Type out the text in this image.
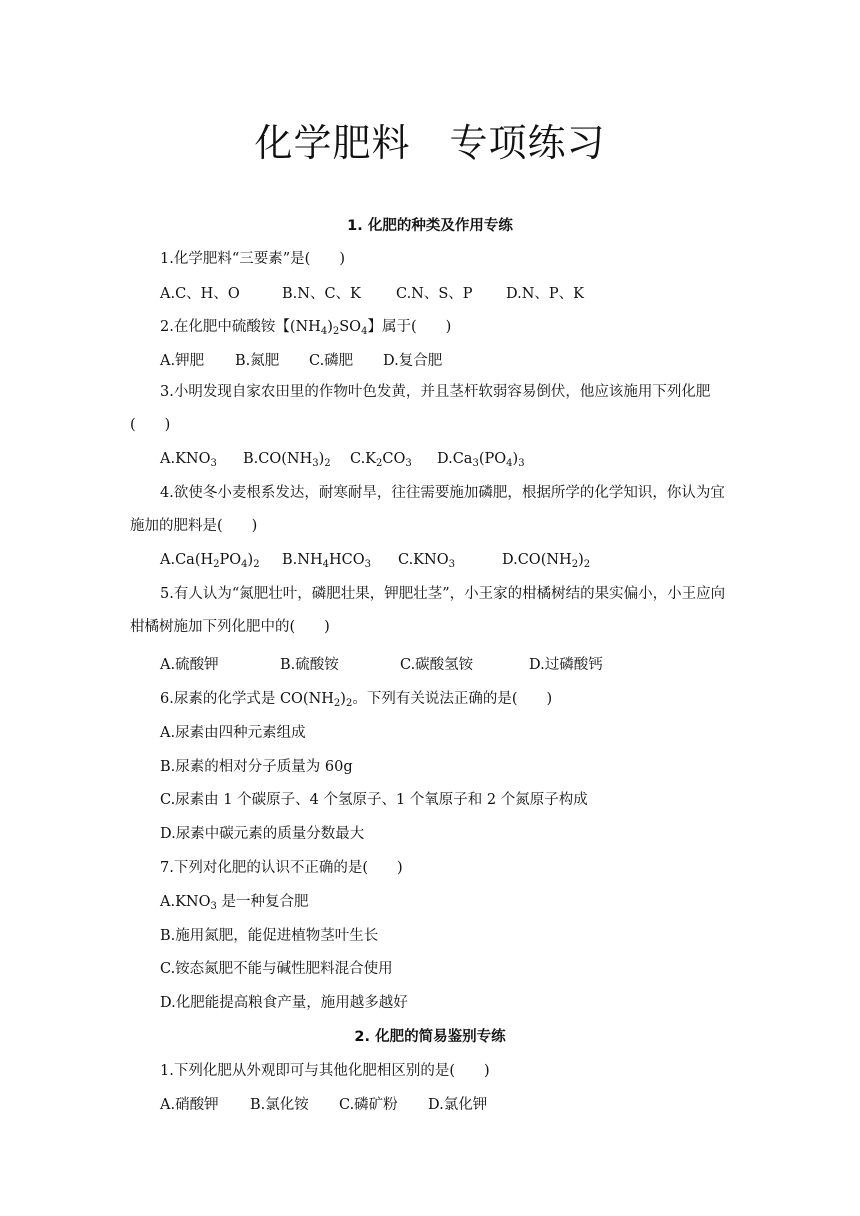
化学肥料　专项练习
1. 化肥的种类及作用专练
1.化学肥料“三要素”是(　　)
A.C、H、O	B.N、C、K	C.N、S、P	D.N、P、K
2.在化肥中硫酸铵【$(NH_4)_2SO_4$】属于(　　)
A.钾肥	B.氮肥	C.磷肥	D.复合肥
3.小明发现自家农田里的作物叶色发黄，并且茎杆软弱容易倒伏，他应该施用下列化肥(　　)
$A.KNO_3$	$B.CO(NH_3)_2$	$C.K_2CO_3$	$D.Ca_3(PO_4)_3$
4.欲使冬小麦根系发达，耐寒耐旱，往往需要施加磷肥，根据所学的化学知识，你认为宜施加的肥料是(　　)
$A.Ca(H_2PO_4)_2$	$B.NH_4HCO_3$	$C.KNO_3$	$D.CO(NH_2)_2$
5.有人认为“氮肥壮叶，磷肥壮果，钾肥壮茎”，小王家的柑橘树结的果实偏小，小王应向柑橘树施加下列化肥中的(　　)
A.硫酸钾	B.硫酸铵	C.碳酸氢铵	D.过磷酸钙
6.尿素的化学式是 $CO(NH_2)_2$。下列有关说法正确的是(　　)
A.尿素由四种元素组成
B.尿素的相对分子质量为 60g
C.尿素由 1 个碳原子、4 个氢原子、1 个氧原子和 2 个氮原子构成
D.尿素中碳元素的质量分数最大
7.下列对化肥的认识不正确的是(　　)
$A.KNO_3$ 是一种复合肥
B.施用氮肥，能促进植物茎叶生长
C.铵态氮肥不能与碱性肥料混合使用
D.化肥能提高粮食产量，施用越多越好
2. 化肥的简易鉴别专练
1.下列化肥从外观即可与其他化肥相区别的是(　　)
A.硝酸钾	B.氯化铵	C.磷矿粉	D.氯化钾
